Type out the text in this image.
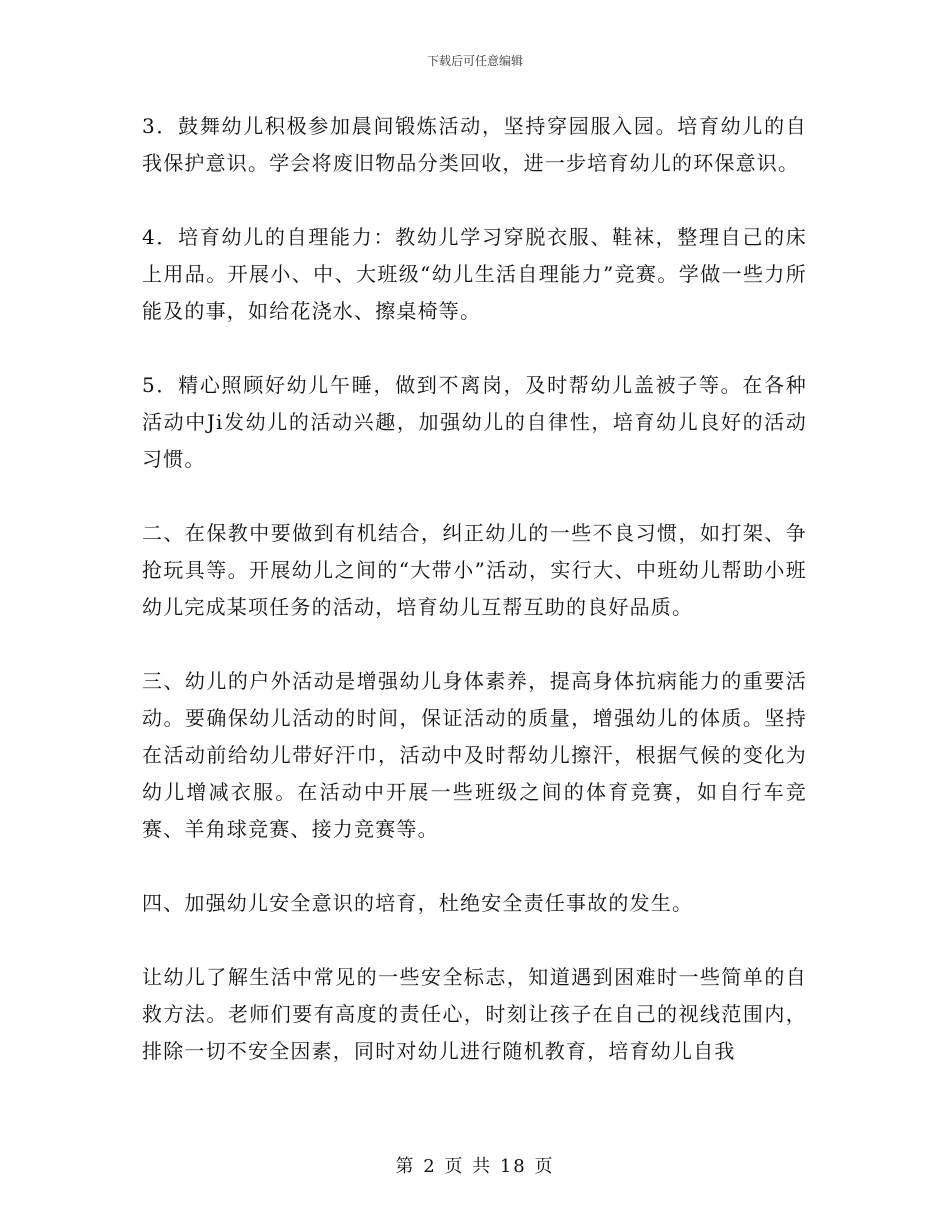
下载后可任意编辑

3．鼓舞幼儿积极参加晨间锻炼活动，坚持穿园服入园。培育幼儿的自我保护意识。学会将废旧物品分类回收，进一步培育幼儿的环保意识。

4．培育幼儿的自理能力：教幼儿学习穿脱衣服、鞋袜，整理自己的床上用品。开展小、中、大班级“幼儿生活自理能力”竞赛。学做一些力所能及的事，如给花浇水、擦桌椅等。

5．精心照顾好幼儿午睡，做到不离岗，及时帮幼儿盖被子等。在各种活动中Ji发幼儿的活动兴趣，加强幼儿的自律性，培育幼儿良好的活动习惯。

二、在保教中要做到有机结合，纠正幼儿的一些不良习惯，如打架、争抢玩具等。开展幼儿之间的“大带小”活动，实行大、中班幼儿帮助小班幼儿完成某项任务的活动，培育幼儿互帮互助的良好品质。

三、幼儿的户外活动是增强幼儿身体素养，提高身体抗病能力的重要活动。要确保幼儿活动的时间，保证活动的质量，增强幼儿的体质。坚持在活动前给幼儿带好汗巾，活动中及时帮幼儿擦汗，根据气候的变化为幼儿增减衣服。在活动中开展一些班级之间的体育竞赛，如自行车竞赛、羊角球竞赛、接力竞赛等。

四、加强幼儿安全意识的培育，杜绝安全责任事故的发生。

让幼儿了解生活中常见的一些安全标志，知道遇到困难时一些简单的自救方法。老师们要有高度的责任心，时刻让孩子在自己的视线范围内，排除一切不安全因素，同时对幼儿进行随机教育，培育幼儿自我

第 2 页 共 18 页
